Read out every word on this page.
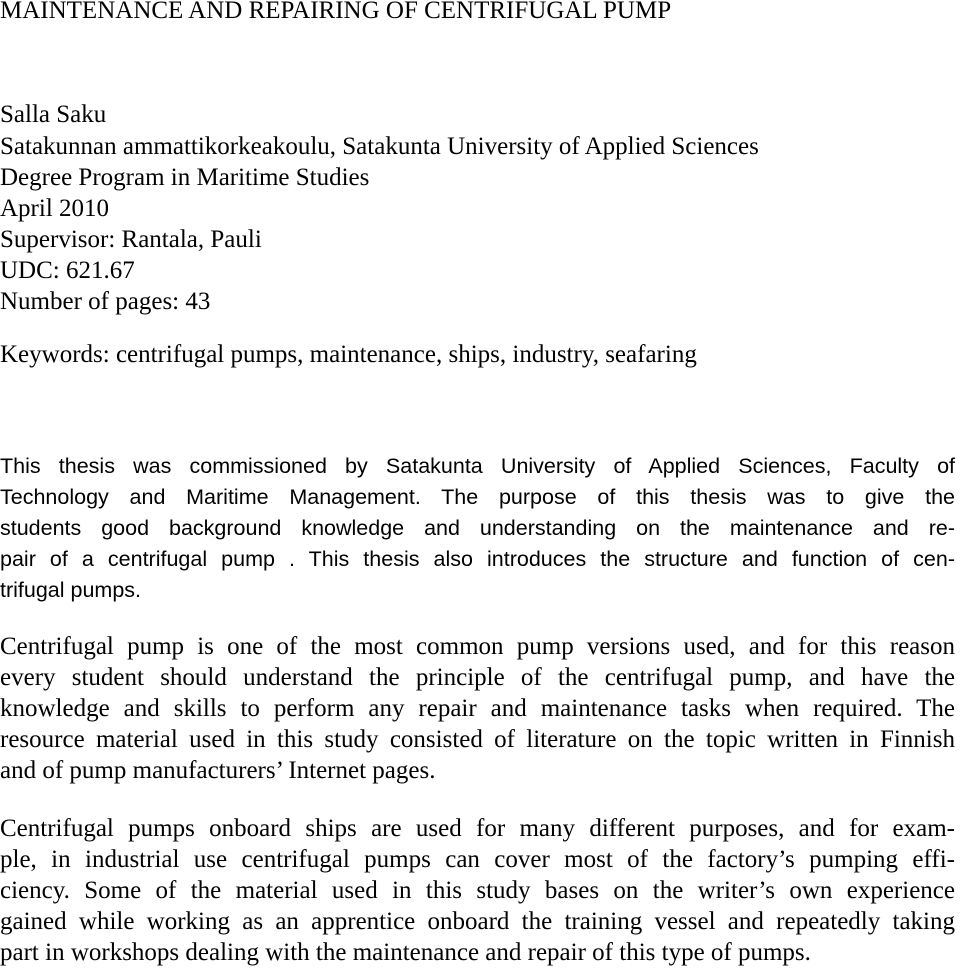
MAINTENANCE AND REPAIRING OF CENTRIFUGAL PUMP
Salla Saku
Satakunnan ammattikorkeakoulu, Satakunta University of Applied Sciences
Degree Program in Maritime Studies
April 2010
Supervisor: Rantala, Pauli
UDC: 621.67
Number of pages: 43
Keywords: centrifugal pumps, maintenance, ships, industry, seafaring
This thesis was commissioned by Satakunta University of Applied Sciences, Faculty of
Technology and Maritime Management. The purpose of this thesis was to give the
students good background knowledge and understanding on the maintenance and re-
pair of a centrifugal pump . This thesis also introduces the structure and function of cen-
trifugal pumps.
Centrifugal pump is one of the most common pump versions used, and for this reason
every student should understand the principle of the centrifugal pump, and have the
knowledge and skills to perform any repair and maintenance tasks when required. The
resource material used in this study consisted of literature on the topic written in Finnish
and of pump manufacturers’ Internet pages.
Centrifugal pumps onboard ships are used for many different purposes, and for exam-
ple, in industrial use centrifugal pumps can cover most of the factory’s pumping effi-
ciency. Some of the material used in this study bases on the writer’s own experience
gained while working as an apprentice onboard the training vessel and repeatedly taking
part in workshops dealing with the maintenance and repair of this type of pumps.
